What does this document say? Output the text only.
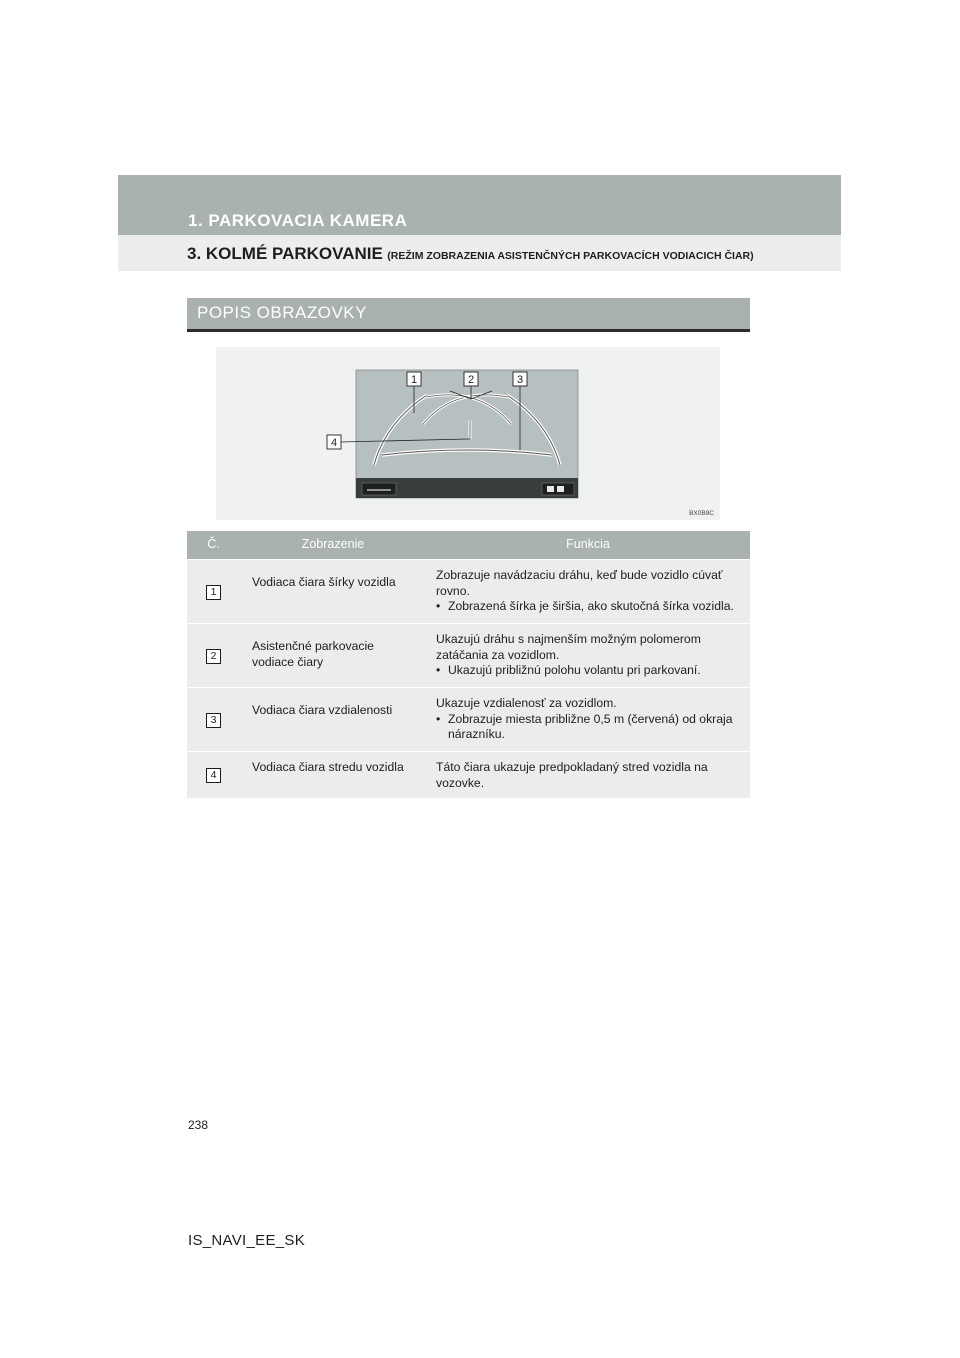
1. PARKOVACIA KAMERA
3. KOLMÉ PARKOVANIE (REŽIM ZOBRAZENIA ASISTENČNÝCH PARKOVACÍCH VODIACICH ČIAR)
POPIS OBRAZOVKY
1	2	3
4
BX0B9C
Č.	Zobrazenie	Funkcia
1	Vodiaca čiara šírky vozidla	Zobrazuje navádzaciu dráhu, keď bude vozidlo cúvať rovno.
• Zobrazená šírka je širšia, ako skutočná šírka vozidla.

2	Asistenčné parkovacie vodiace čiary	Ukazujú dráhu s najmenším možným polomerom zatáčania za vozidlom.
• Ukazujú približnú polohu volantu pri parkovaní.

3	Vodiaca čiara vzdialenosti	Ukazuje vzdialenosť za vozidlom.
• Zobrazuje miesta približne 0,5 m (červená) od okraja nárazníku.

4	Vodiaca čiara stredu vozidla	Táto čiara ukazuje predpokladaný stred vozidla na vozovke.
238
IS_NAVI_EE_SK
